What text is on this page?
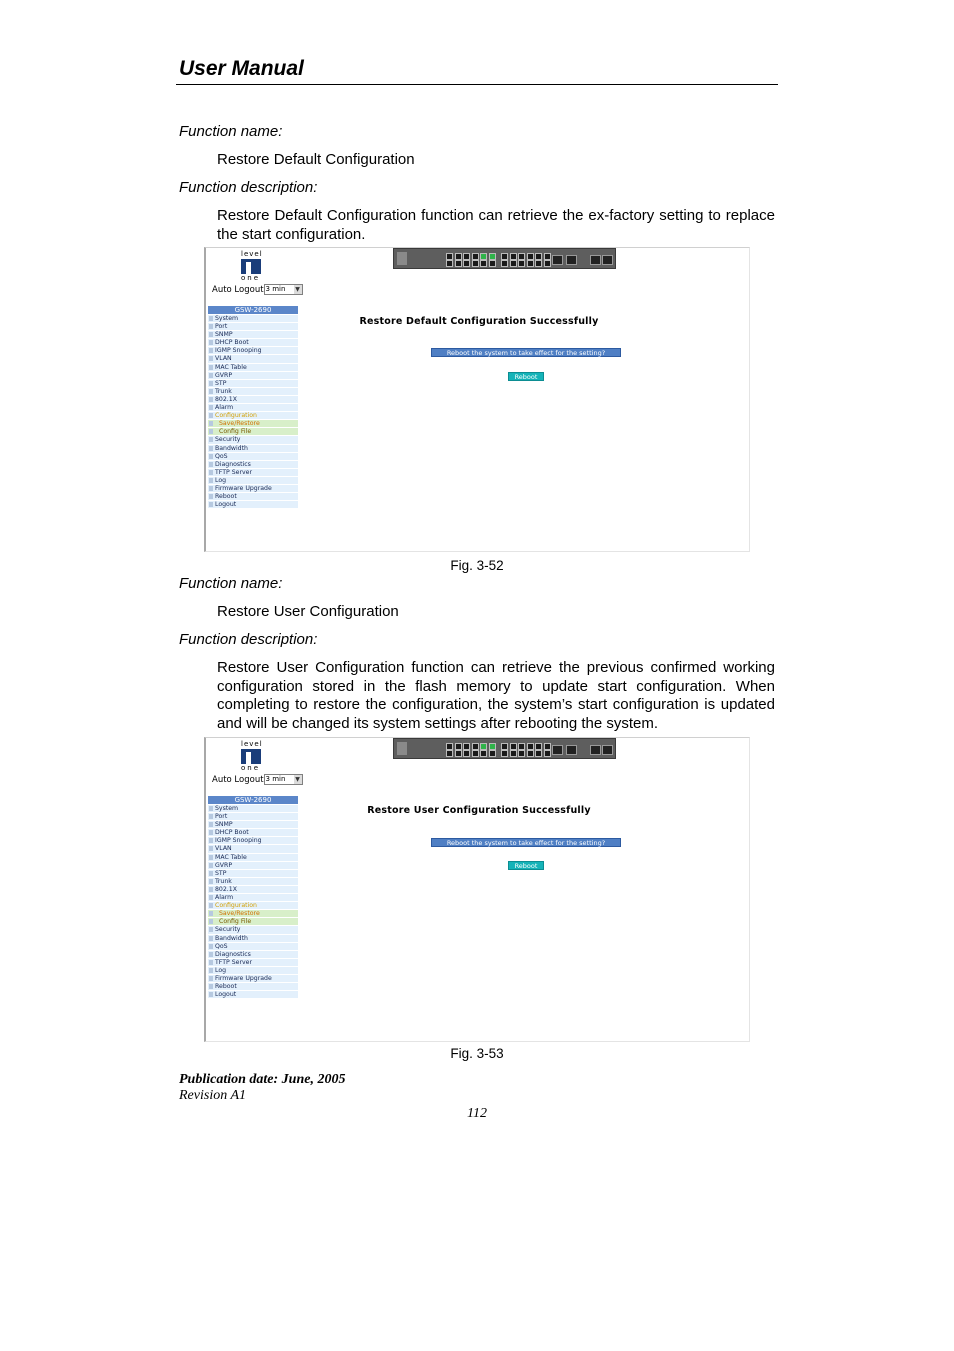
User Manual
Function name:
Restore Default Configuration
Function description:
Restore Default Configuration function can retrieve the ex-factory setting to replace the start configuration.
level
one
Auto Logout 3 min ▼
GSW-2690
System
Port
SNMP
DHCP Boot
IGMP Snooping
VLAN
MAC Table
GVRP
STP
Trunk
802.1X
Alarm
Configuration
Save/Restore
Config File
Security
Bandwidth
QoS
Diagnostics
TFTP Server
Log
Firmware Upgrade
Reboot
Logout
Restore Default Configuration Successfully
Reboot the system to take effect for the setting?
Reboot
Fig. 3-52
Function name:
Restore User Configuration
Function description:
Restore User Configuration function can retrieve the previous confirmed working configuration stored in the flash memory to update start configuration. When completing to restore the configuration, the system’s start configuration is updated and will be changed its system settings after rebooting the system.
level
one
Auto Logout 3 min ▼
GSW-2690
System
Port
SNMP
DHCP Boot
IGMP Snooping
VLAN
MAC Table
GVRP
STP
Trunk
802.1X
Alarm
Configuration
Save/Restore
Config File
Security
Bandwidth
QoS
Diagnostics
TFTP Server
Log
Firmware Upgrade
Reboot
Logout
Restore User Configuration Successfully
Reboot the system to take effect for the setting?
Reboot
Fig. 3-53
Publication date: June, 2005
Revision A1
112
